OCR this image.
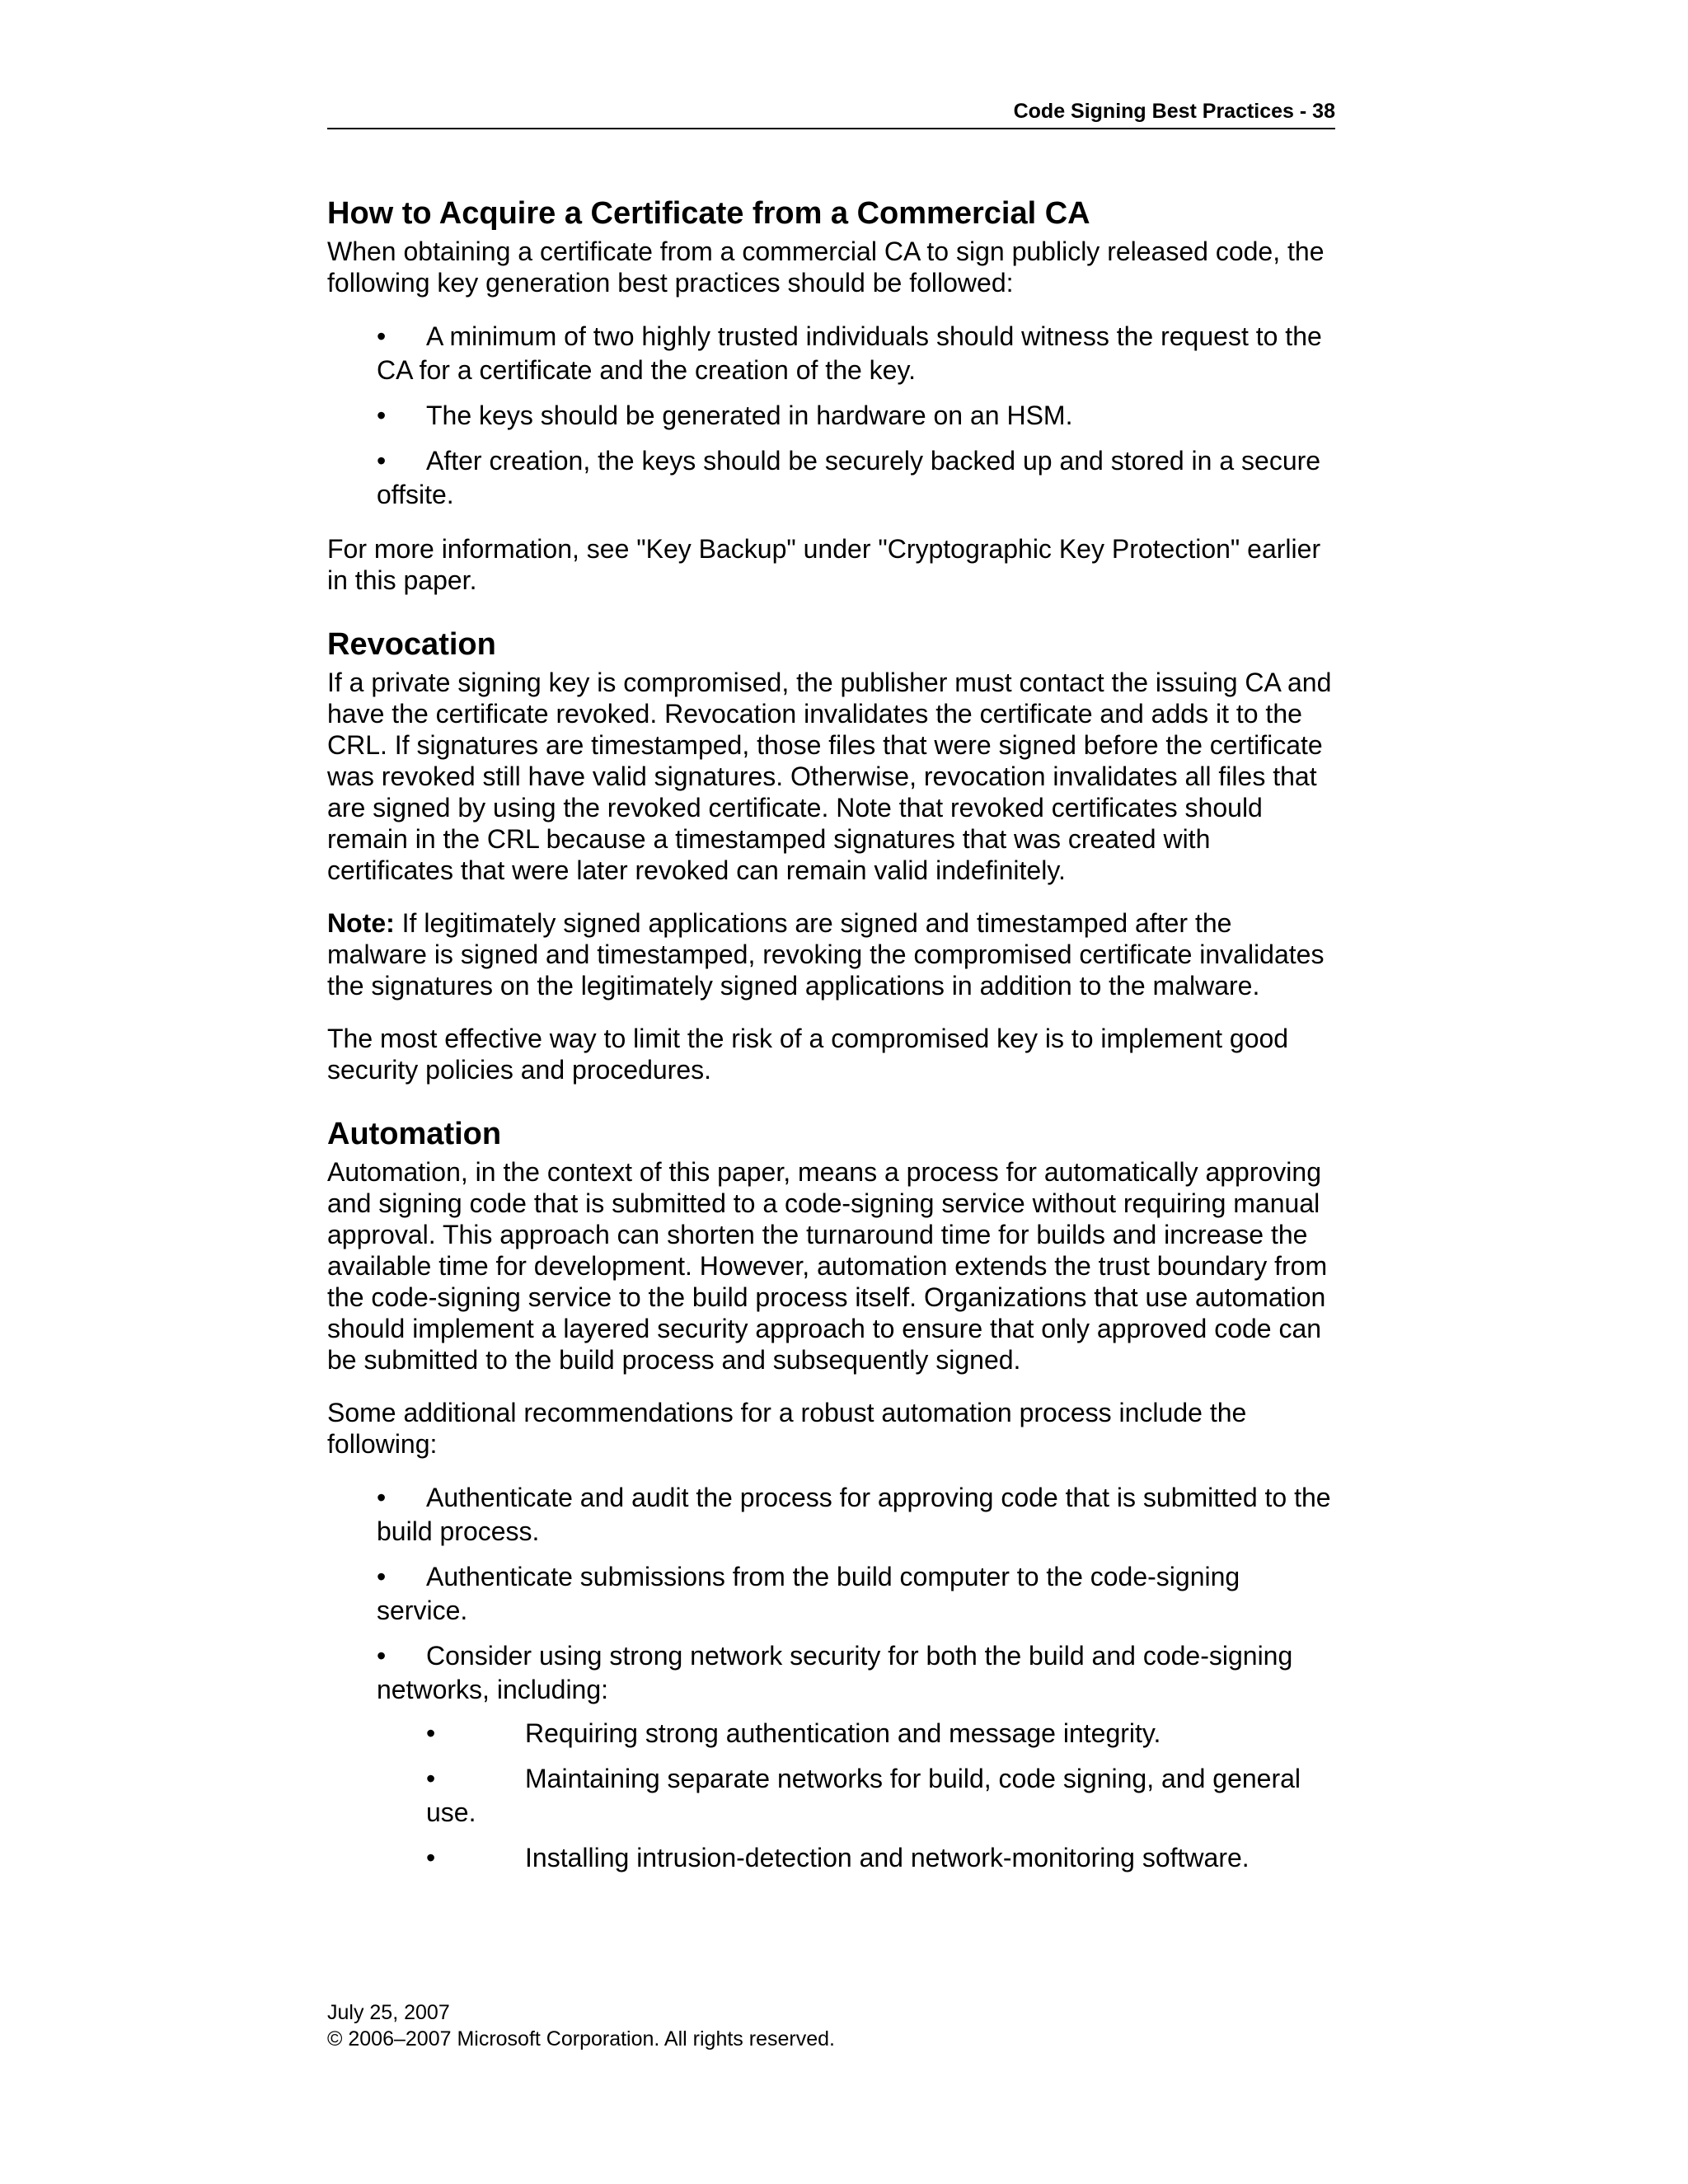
Code Signing Best Practices - 38
How to Acquire a Certificate from a Commercial CA

When obtaining a certificate from a commercial CA to sign publicly released code, the following key generation best practices should be followed:

• A minimum of two highly trusted individuals should witness the request to the CA for a certificate and the creation of the key.
• The keys should be generated in hardware on an HSM.
• After creation, the keys should be securely backed up and stored in a secure offsite.

For more information, see "Key Backup" under "Cryptographic Key Protection" earlier in this paper.

Revocation

If a private signing key is compromised, the publisher must contact the issuing CA and have the certificate revoked. Revocation invalidates the certificate and adds it to the CRL. If signatures are timestamped, those files that were signed before the certificate was revoked still have valid signatures. Otherwise, revocation invalidates all files that are signed by using the revoked certificate. Note that revoked certificates should remain in the CRL because a timestamped signatures that was created with certificates that were later revoked can remain valid indefinitely.

Note: If legitimately signed applications are signed and timestamped after the malware is signed and timestamped, revoking the compromised certificate invalidates the signatures on the legitimately signed applications in addition to the malware.

The most effective way to limit the risk of a compromised key is to implement good security policies and procedures.

Automation

Automation, in the context of this paper, means a process for automatically approving and signing code that is submitted to a code-signing service without requiring manual approval. This approach can shorten the turnaround time for builds and increase the available time for development. However, automation extends the trust boundary from the code-signing service to the build process itself. Organizations that use automation should implement a layered security approach to ensure that only approved code can be submitted to the build process and subsequently signed.

Some additional recommendations for a robust automation process include the following:

• Authenticate and audit the process for approving code that is submitted to the build process.
• Authenticate submissions from the build computer to the code-signing service.
• Consider using strong network security for both the build and code-signing networks, including:
•	Requiring strong authentication and message integrity.
•	Maintaining separate networks for build, code signing, and general use.
•	Installing intrusion-detection and network-monitoring software.
July 25, 2007
© 2006–2007 Microsoft Corporation. All rights reserved.
